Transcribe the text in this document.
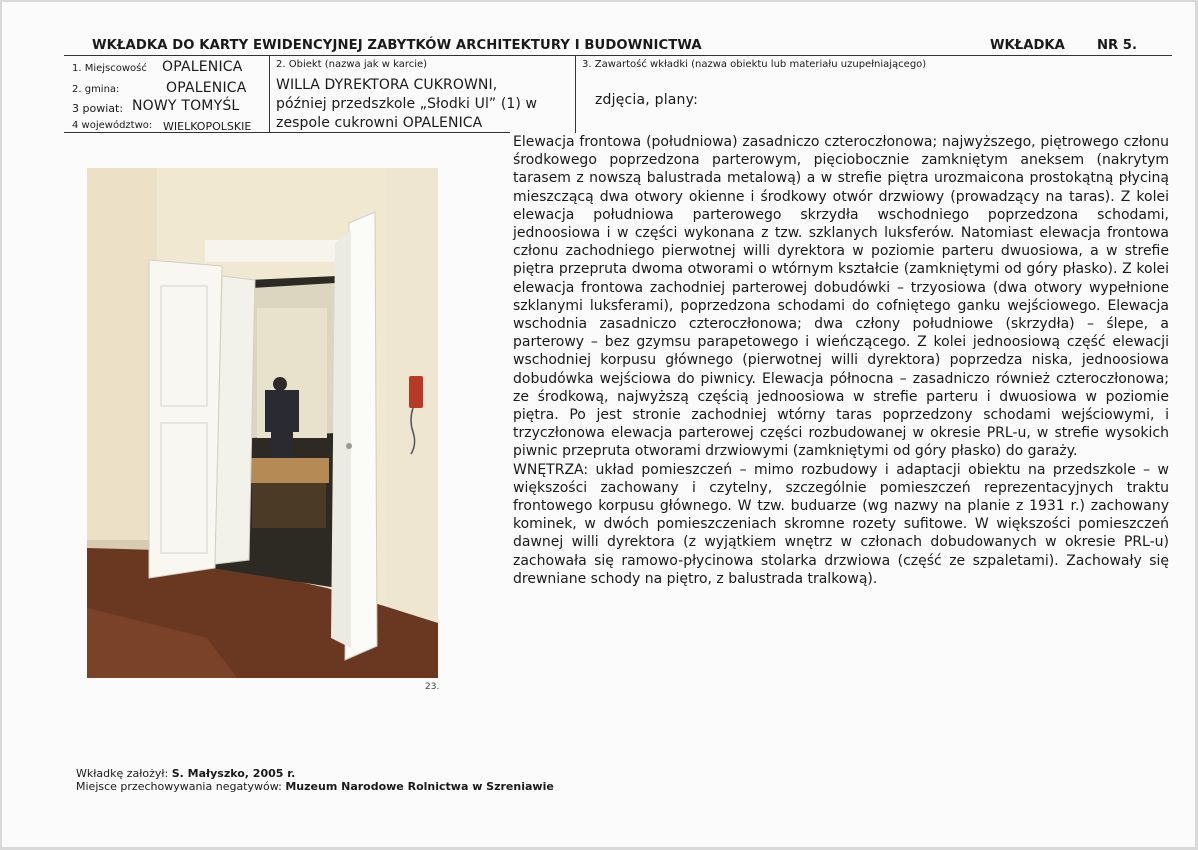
WKŁADKA DO KARTY EWIDENCYJNEJ ZABYTKÓW ARCHITEKTURY I BUDOWNICTWA	WKŁADKA NR 5.
1. Miejscowość OPALENICA
2. gmina:	OPALENICA
3 powiat: NOWY TOMYŚL
4 województwo: WIELKOPOLSKIE
2. Obiekt (nazwa jak w karcie)
WILLA DYREKTORA CUKROWNI,
później przedszkole „Słodki Ul” (1) w
zespole cukrowni OPALENICA
3. Zawartość wkładki (nazwa obiektu lub materiału uzupełniającego)
zdjęcia, plany:
23.
Elewacja frontowa (południowa) zasadniczo czteroczłonowa; najwyższego, piętrowego członu środkowego poprzedzona parterowym, pięciobocznie zamkniętym aneksem (nakrytym tarasem z nowszą balustrada metalową) a w strefie piętra urozmaicona prostokątną płyciną mieszczącą dwa otwory okienne i środkowy otwór drzwiowy (prowadzący na taras). Z kolei elewacja południowa parterowego skrzydła wschodniego poprzedzona schodami, jednoosiowa i w części wykonana z tzw. szklanych luksferów. Natomiast elewacja frontowa członu zachodniego pierwotnej willi dyrektora w poziomie parteru dwuosiowa, a w strefie piętra przepruta dwoma otworami o wtórnym kształcie (zamkniętymi od góry płasko). Z kolei elewacja frontowa zachodniej parterowej dobudówki – trzyosiowa (dwa otwory wypełnione szklanymi luksferami), poprzedzona schodami do cofniętego ganku wejściowego. Elewacja wschodnia zasadniczo czteroczłonowa; dwa człony południowe (skrzydła) – ślepe, a parterowy – bez gzymsu parapetowego i wieńczącego. Z kolei jednoosiową część elewacji wschodniej korpusu głównego (pierwotnej willi dyrektora) poprzedza niska, jednoosiowa dobudówka wejściowa do piwnicy. Elewacja północna – zasadniczo również czteroczłonowa; ze środkową, najwyższą częścią jednoosiowa w strefie parteru i dwuosiowa w poziomie piętra. Po jest stronie zachodniej wtórny taras poprzedzony schodami wejściowymi, i trzyczłonowa elewacja parterowej części rozbudowanej w okresie PRL-u, w strefie wysokich piwnic przepruta otworami drzwiowymi (zamkniętymi od góry płasko) do garaży.
WNĘTRZA: układ pomieszczeń – mimo rozbudowy i adaptacji obiektu na przedszkole – w większości zachowany i czytelny, szczególnie pomieszczeń reprezentacyjnych traktu frontowego korpusu głównego. W tzw. buduarze (wg nazwy na planie z 1931 r.) zachowany kominek, w dwóch pomieszczeniach skromne rozety sufitowe. W większości pomieszczeń dawnej willi dyrektora (z wyjątkiem wnętrz w członach dobudowanych w okresie PRL-u) zachowała się ramowo-płycinowa stolarka drzwiowa (część ze szpaletami). Zachowały się drewniane schody na piętro, z balustrada tralkową).
Wkładkę założył: S. Małyszko, 2005 r.
Miejsce przechowywania negatywów: Muzeum Narodowe Rolnictwa w Szreniawie
